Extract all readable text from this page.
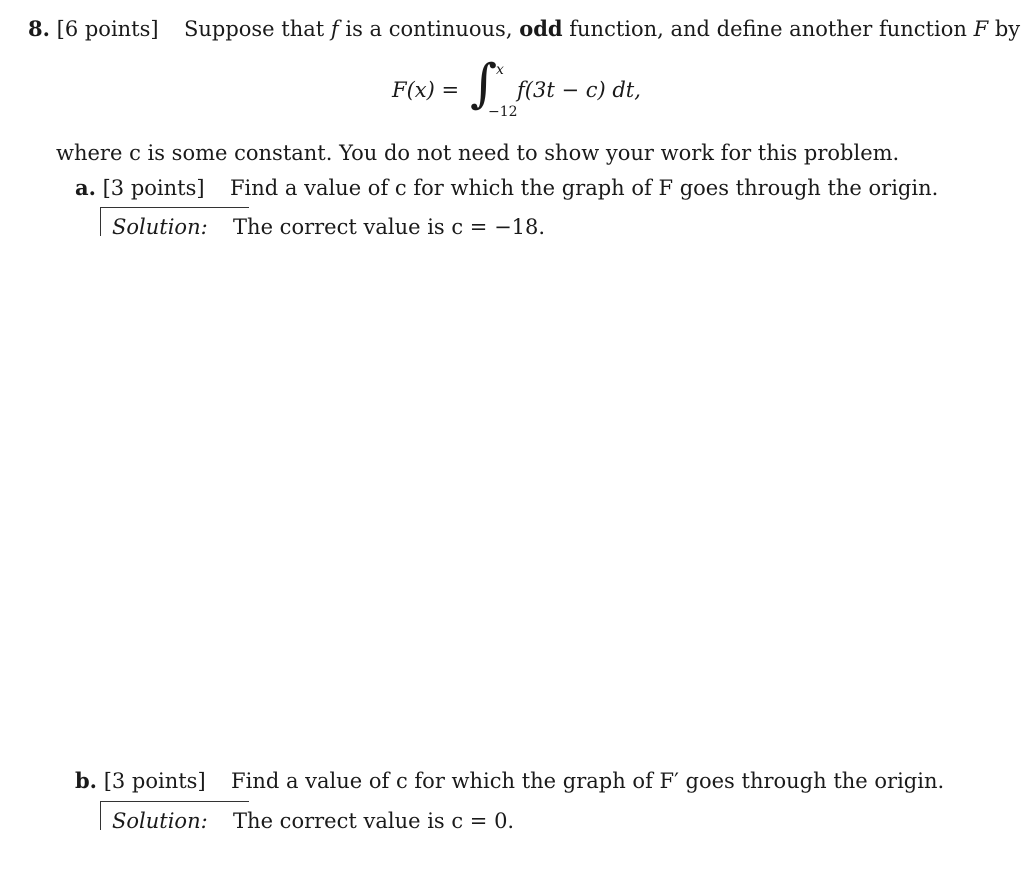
8. [6 points] Suppose that f is a continuous, odd function, and define another function F by
F(x) = ∫
x
−12
f(3t − c) dt,
where c is some constant. You do not need to show your work for this problem.
a. [3 points] Find a value of c for which the graph of F goes through the origin.
Solution: The correct value is c = −18.
b. [3 points] Find a value of c for which the graph of F′ goes through the origin.
Solution: The correct value is c = 0.
